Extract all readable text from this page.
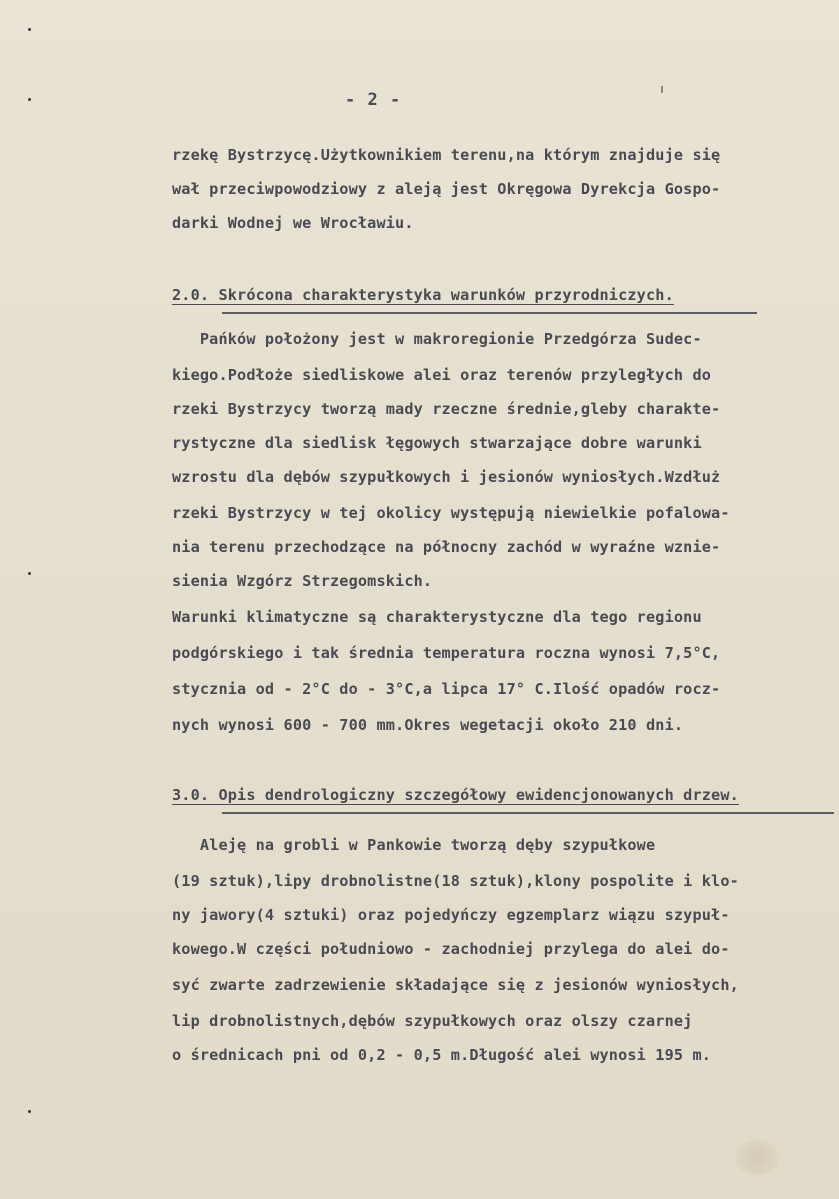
- 2 -

rzekę Bystrzycę.Użytkownikiem terenu,na którym znajduje się

wał przeciwpowodziowy z aleją jest Okręgowa Dyrekcja Gospo-

darki Wodnej we Wrocławiu.

2.0. Skrócona charakterystyka warunków przyrodniczych.

Pańków położony jest w makroregionie Przedgórza Sudec-

kiego.Podłoże siedliskowe alei oraz terenów przyległych do

rzeki Bystrzycy tworzą mady rzeczne średnie,gleby charakte-

rystyczne dla siedlisk łęgowych stwarzające dobre warunki

wzrostu dla dębów szypułkowych i jesionów wyniosłych.Wzdłuż

rzeki Bystrzycy w tej okolicy występują niewielkie pofalowa-

nia terenu przechodzące na północny zachód w wyraźne wznie-

sienia Wzgórz Strzegomskich.

Warunki klimatyczne są charakterystyczne dla tego regionu

podgórskiego i tak średnia temperatura roczna wynosi 7,5°C,

stycznia od - 2°C do - 3°C,a lipca 17° C.Ilość opadów rocz-

nych wynosi 600 - 700 mm.Okres wegetacji około 210 dni.

3.0. Opis dendrologiczny szczegółowy ewidencjonowanych drzew.

Aleję na grobli w Pankowie tworzą dęby szypułkowe

(19 sztuk),lipy drobnolistne(18 sztuk),klony pospolite i klo-

ny jawory(4 sztuki) oraz pojedyńczy egzemplarz wiązu szypuł-

kowego.W części południowo - zachodniej przylega do alei do-

syć zwarte zadrzewienie składające się z jesionów wyniosłych,

lip drobnolistnych,dębów szypułkowych oraz olszy czarnej

o średnicach pni od 0,2 - 0,5 m.Długość alei wynosi 195 m.
